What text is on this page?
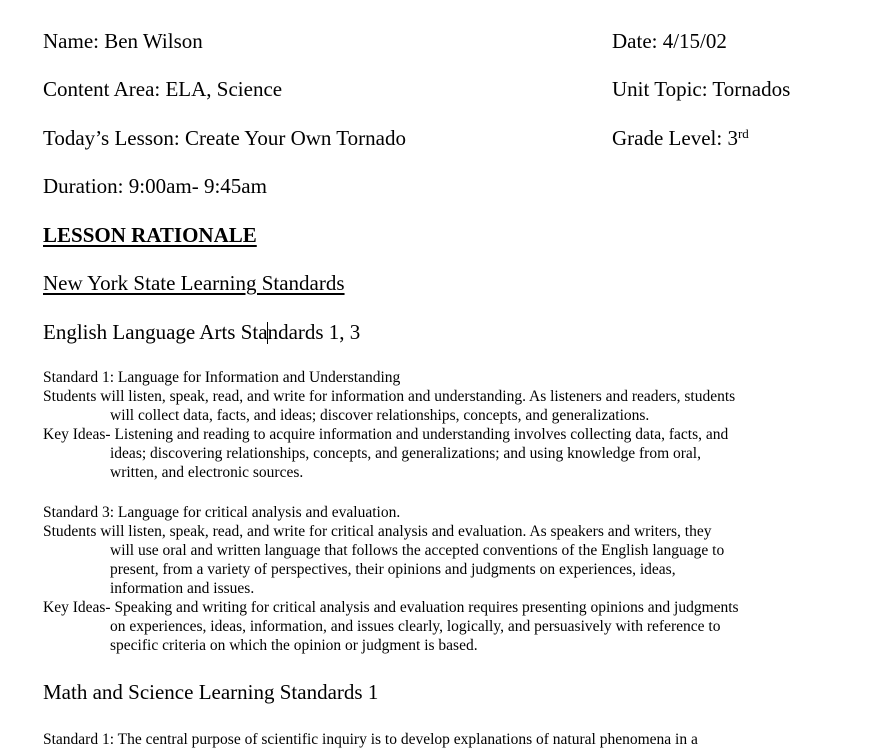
Name: Ben Wilson

Content Area: ELA, Science

Today’s Lesson: Create Your Own Tornado

Duration: 9:00am- 9:45am

Date: 4/15/02

Unit Topic: Tornados

Grade Level: 3rd

LESSON RATIONALE

New York State Learning Standards

English Language Arts Standards 1, 3

Standard 1: Language for Information and Understanding
Students will listen, speak, read, and write for information and understanding. As listeners and readers, students
will collect data, facts, and ideas; discover relationships, concepts, and generalizations.
Key Ideas- Listening and reading to acquire information and understanding involves collecting data, facts, and
ideas; discovering relationships, concepts, and generalizations; and using knowledge from oral,
written, and electronic sources.
Standard 3: Language for critical analysis and evaluation.
Students will listen, speak, read, and write for critical analysis and evaluation. As speakers and writers, they
will use oral and written language that follows the accepted conventions of the English language to
present, from a variety of perspectives, their opinions and judgments on experiences, ideas,
information and issues.
Key Ideas- Speaking and writing for critical analysis and evaluation requires presenting opinions and judgments
on experiences, ideas, information, and issues clearly, logically, and persuasively with reference to
specific criteria on which the opinion or judgment is based.

Math and Science Learning Standards 1

Standard 1: The central purpose of scientific inquiry is to develop explanations of natural phenomena in a
